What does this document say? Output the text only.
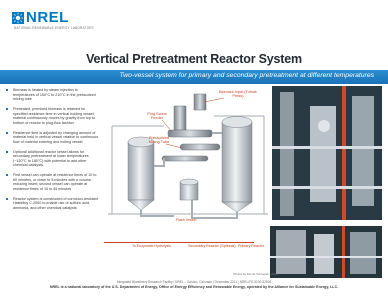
NREL
NATIONAL RENEWABLE ENERGY LABORATORY
Vertical Pretreatment Reactor System
Two-vessel system for primary and secondary pretreatment at different temperatures
Biomass is heated by steam injection to temperatures of 150°C to 210°C in the pressurized mixing tube
Preheated, premixed biomass is retained for specified residence time in vertical holding vessel; material continuously moves by gravity from top to bottom of reactor to plug-flow fashion
Residence time is adjusted by changing amount of material held in vertical vessel relative to continuous flow of material entering and exiting vessel
Optional additional reactor vessel allows for secondary pretreatment at lower temperatures (~130°C to 180°C) with potential to add other chemical catalysts
First vessel can operate at residence times of 10 to 60 minutes, or down to 5 minutes with a volume-reducing insert; second vessel can operate at residence times of 15 to 45 minutes
Reactor system is constructed of corrosion-resistant Hastelloy C-2000 to enable use of sulfuric acid, ammonia, and other chemical catalysts
Biomass Input (Tubule Press)
Plug Screw Feeder
Pressurized Mixing Tube
Flash Vessel
To Enzymatic Hydrolysis	Secondary Reactor (Optional) Primary Reactor
Photos by Dennis Schroeder, NREL
Integrated Biorefinery Research Facility | NREL – Golden, Colorado | December 2011 | NREL/FS-5100-52603
NREL is a national laboratory of the U.S. Department of Energy, Office of Energy Efficiency and Renewable Energy, operated by the Alliance for Sustainable Energy, LLC.
